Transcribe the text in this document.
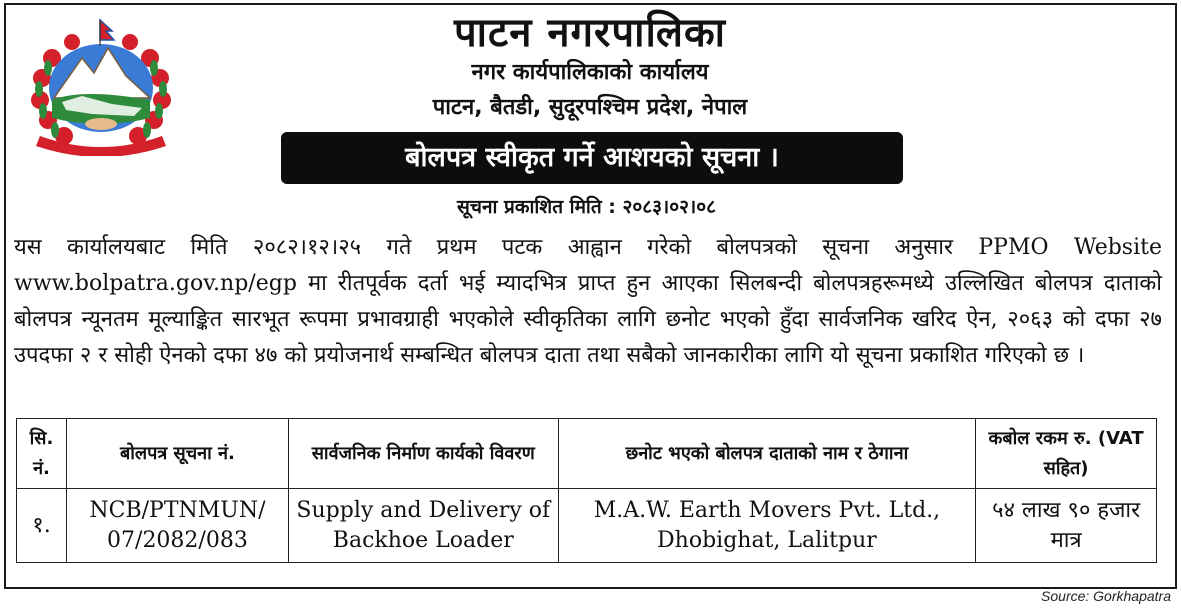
पाटन नगरपालिका
नगर कार्यपालिकाको कार्यालय
पाटन, बैतडी, सुदूरपश्चिम प्रदेश, नेपाल
बोलपत्र स्वीकृत गर्ने आशयको सूचना ।
सूचना प्रकाशित मिति : २०८३।०२।०८
यस कार्यालयबाट मिति २०८२।१२।२५ गते प्रथम पटक आह्वान गरेको बोलपत्रको सूचना अनुसार PPMO Website www.bolpatra.gov.np/egp मा रीतपूर्वक दर्ता भई म्यादभित्र प्राप्त हुन आएका सिलबन्दी बोलपत्रहरूमध्ये उल्लिखित बोलपत्र दाताको बोलपत्र न्यूनतम मूल्याङ्कित सारभूत रूपमा प्रभावग्राही भएकोले स्वीकृतिका लागि छनोट भएको हुँदा सार्वजनिक खरिद ऐन, २०६३ को दफा २७ उपदफा २ र सोही ऐनको दफा ४७ को प्रयोजनार्थ सम्बन्धित बोलपत्र दाता तथा सबैको जानकारीका लागि यो सूचना प्रकाशित गरिएको छ ।
सि. नं.	बोलपत्र सूचना नं.	सार्वजनिक निर्माण कार्यको विवरण	छनोट भएको बोलपत्र दाताको नाम र ठेगाना	कबोल रकम रु. (VAT सहित)
१.	NCB/PTNMUN/ 07/2082/083	Supply and Delivery of Backhoe Loader	M.A.W. Earth Movers Pvt. Ltd., Dhobighat, Lalitpur	५४ लाख ९० हजार मात्र
Source: Gorkhapatra
